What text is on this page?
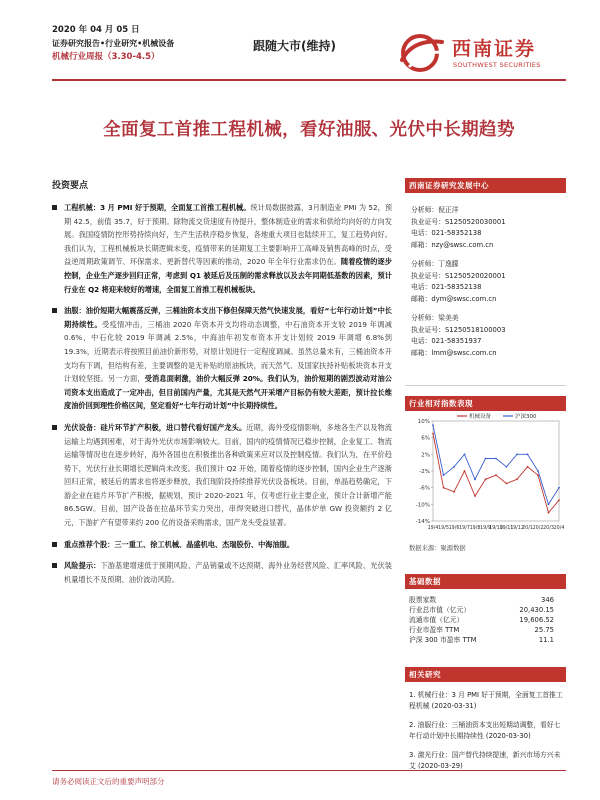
2020 年 04 月 05 日
证券研究报告•行业研究•机械设备
机械行业周报（3.30-4.5）
跟随大市(维持)	西南证券
SOUTHWEST SECURITIES
全面复工首推工程机械，看好油服、光伏中长期趋势
投资要点
工程机械：3 月 PMI 好于预期，全面复工首推工程机械。统计局数据披露，3月制造业 PMI 为 52，预期 42.5，前值 35.7，好于预期。除物流交货速度有待提升，整体制造业的需求和供给均向好的方向发展。我国疫情防控形势持续向好，生产生活秩序稳步恢复，各地重大项目也陆续开工，复工趋势向好。我们认为，工程机械板块长期逻辑未变，疫情带来的延期复工主要影响开工高峰及销售高峰的时点，受益逆周期政策调节、环保需求、更新替代等因素的推动，2020 年全年行业需求仍在。随着疫情的逐步控制，企业生产逐步回归正常，考虑到 Q1 被延后及压制的需求释放以及去年同期低基数的因素，预计行业在 Q2 将迎来较好的增速，全面复工首推工程机械板块。
油服：油价短期大幅震荡反弹，三桶油资本支出下修但保障天然气快速发展，看好“七年行动计划”中长期持续性。受疫情冲击，三桶油 2020 年资本开支均将动态调整，中石油资本开支较 2019 年调减 0.6%，中石化较 2019 年调减 2.5%，中海油年初发布资本开支计划较 2019 年调增 6.8%到 19.3%，近期表示将按照目前油价新形势，对原计划进行一定程度调减。虽然总量未有，三桶油资本开支均有下调，但结构有差，主要调整的是无补贴的原油板块，而天然气、及国家扶持补贴板块资本开支计划较坚挺。另一方面，受消息面刺激，油价大幅反弹 20%。我们认为，油价短期的剧烈波动对油公司资本支出造成了一定冲击，但目前国内产量，尤其是天然气开采增产目标仍有较大差距，预计拉长维度油价回到理性价格区间，坚定看好“七年行动计划”中长期持续性。
光伏设备：硅片环节扩产积极，进口替代看好国产龙头。近期，海外受疫情影响，多地各生产以及物流运输上均遇到困难，对于海外光伏市场影响较大。目前，国内的疫情情况已稳步控制，企业复工、物流运输等情况也在逐步转好，海外各国也在积极推出各种政策来应对以及控制疫情。我们认为，在平价趋势下，光伏行业长期增长逻辑尚未改变。我们预计 Q2 开始，随着疫情的逐步控制，国内企业生产逐渐回归正常，被延后的需求也将逐步释放，我们现阶段持续推荐光伏设备板块。目前，单晶趋势确定，下游企业在硅片环节扩产积极，据规划，预计 2020-2021 年，仅考虑行业主要企业，预计合计新增产能 86.5GW。目前，国产设备在拉晶环节实力突出，串焊突破进口替代，晶体炉单 GW 投资额约 2 亿元，下游扩产有望带来约 200 亿的设备采购需求，国产龙头受益显著。
重点推荐个股：三一重工、徐工机械、晶盛机电、杰瑞股份、中海油服。
风险提示：下游基建增速低于预期风险、产品销量或不达预期、海外业务经营风险、汇率风险、光伏装机量增长不及预期、油价波动风险。
西南证券研究发展中心
分析师：倪正洋
执业证号：S1250520030001
电话：021-58352138
邮箱：nzy@swsc.com.cn
分析师：丁逸朦
执业证号：S1250520020001
电话：021-58352138
邮箱：dym@swsc.com.cn
分析师：梁美美
执业证号：S1250518100003
电话：021-58351937
邮箱：lmm@swsc.com.cn
行业相对指数表现
10%
6%
2%
-2%
-6%
-10%
-14%
19/4 19/5 19/6 19/7 19/8 19/9
19/10
19/11
19/12
20/1 20/2 20/3 20/4
机械设备	沪深300
数据来源：聚源数据
基础数据
股票家数	346
行业总市值（亿元）	20,430.15
流通市值（亿元）	19,606.52
行业市盈率 TTM	25.75
沪深 300 市盈率 TTM	11.1
相关研究
1. 机械行业：3 月 PMI 好于预期，全面复工首推工程机械 (2020-03-31)
2. 油服行业：三桶油资本支出短期动调整，看好七年行动计划中长期持续性 (2020-03-30)
3. 激光行业：国产替代持续提速，新兴市场方兴未艾 (2020-03-29)
请务必阅读正文后的重要声明部分
